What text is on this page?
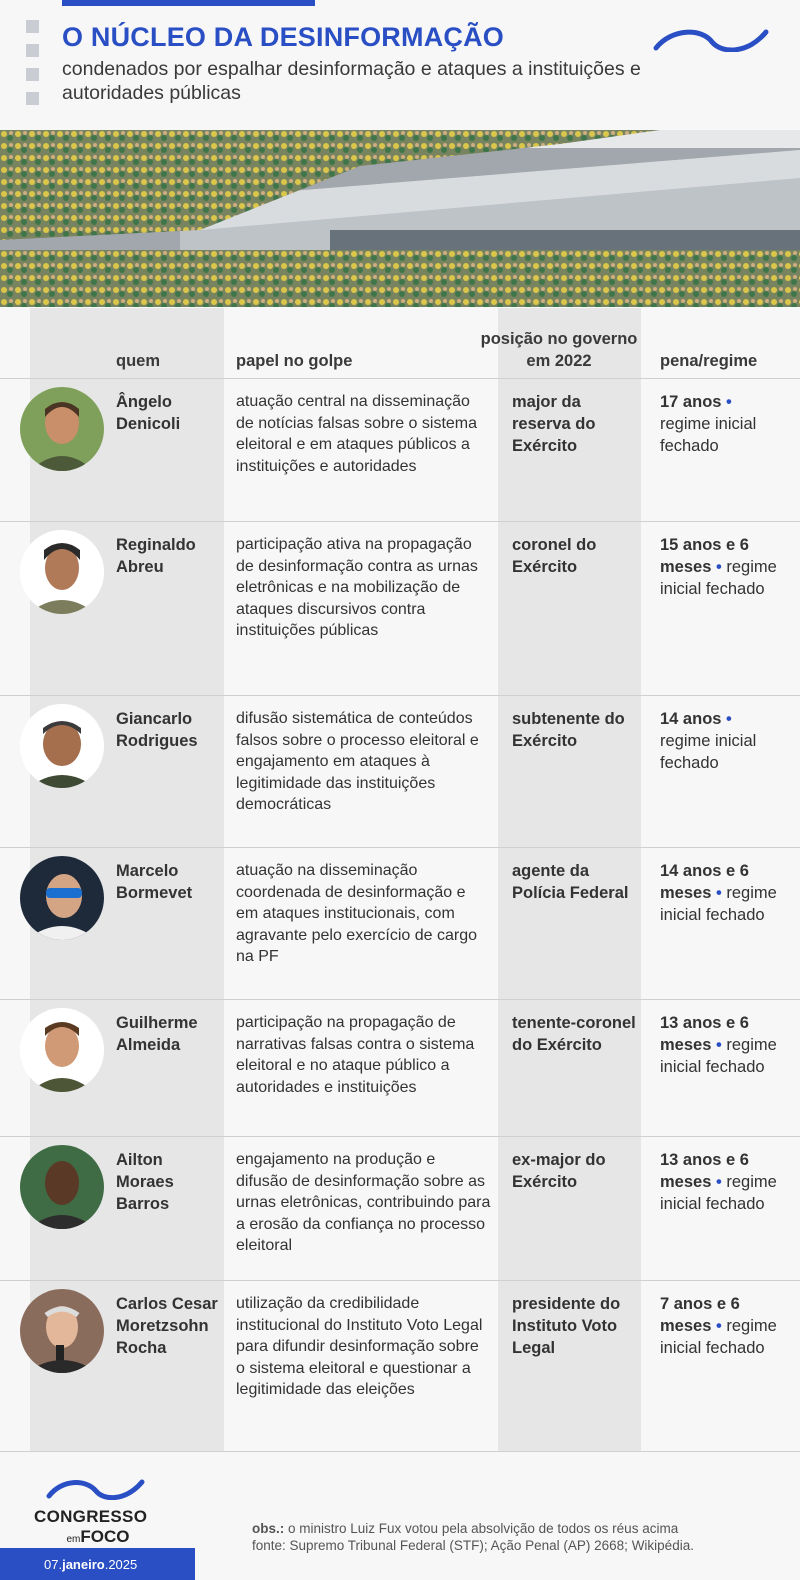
O NÚCLEO DA DESINFORMAÇÃO

condenados por espalhar desinformação e ataques a instituições e autoridades públicas

quem	papel no golpe
posição no governo em 2022	pena/regime
Ângelo Denicoli
atuação central na disseminação de notícias falsas sobre o sistema eleitoral e em ataques públicos a instituições e autoridades
major da reserva do Exército
17 anos • regime inicial fechado
Reginaldo Abreu
participação ativa na propagação de desinformação contra as urnas eletrônicas e na mobilização de ataques discursivos contra instituições públicas
coronel do Exército
15 anos e 6 meses • regime inicial fechado
Giancarlo Rodrigues
difusão sistemática de conteúdos falsos sobre o processo eleitoral e engajamento em ataques à legitimidade das instituições democráticas
subtenente do Exército
14 anos • regime inicial fechado
Marcelo Bormevet
atuação na disseminação coordenada de desinformação e em ataques institucionais, com agravante pelo exercício de cargo na PF
agente da Polícia Federal
14 anos e 6 meses • regime inicial fechado
Guilherme Almeida
participação na propagação de narrativas falsas contra o sistema eleitoral e no ataque público a autoridades e instituições
tenente-coronel do Exército
13 anos e 6 meses • regime inicial fechado
Ailton Moraes Barros
engajamento na produção e difusão de desinformação sobre as urnas eletrônicas, contribuindo para a erosão da confiança no processo eleitoral
ex-major do Exército
13 anos e 6 meses • regime inicial fechado
Carlos Cesar Moretzsohn Rocha
utilização da credibilidade institucional do Instituto Voto Legal para difundir desinformação sobre o sistema eleitoral e questionar a legitimidade das eleições
presidente do Instituto Voto Legal
7 anos e 6 meses • regime inicial fechado
CONGRESSO
emFOCO
07.janeiro.2025
obs.: o ministro Luiz Fux votou pela absolvição de todos os réus acima
fonte: Supremo Tribunal Federal (STF); Ação Penal (AP) 2668; Wikipédia.
